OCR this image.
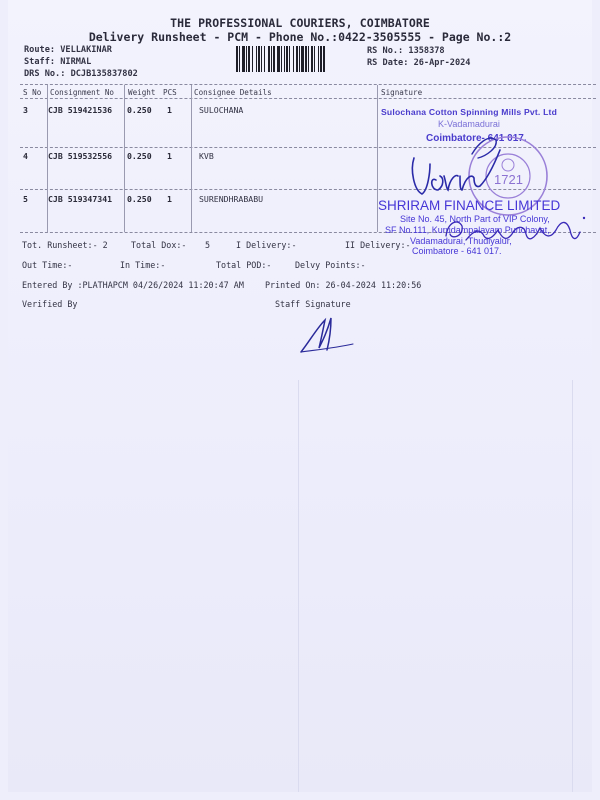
THE PROFESSIONAL COURIERS, COIMBATORE
Delivery Runsheet - PCM - Phone No.:0422-3505555 - Page No.:2
Route: VELLAKINAR
Staff: NIRMAL
DRS No.: DCJB135837802
RS No.: 1358378
RS Date: 26-Apr-2024
S No Consignment No Weight PCS Consignee Details	Signature
3 CJB 519421536 0.250 1	SULOCHANA
4 CJB 519532556 0.250 1	KVB
5 CJB 519347341 0.250 1	SURENDHRABABU
Sulochana Cotton Spinning Mills Pvt. Ltd
K-Vadamadurai
Coimbatore- 641 017.
1721
SHRIRAM FINANCE LIMITED
Site No. 45, North Part of VIP Colony,
SF No.111, Kurudampalayam Punchayat,
Vadamadurai, Thudiyalur,
Coimbatore - 641 017.
Tot. Runsheet:- 2	Total Dox:- 5	I Delivery:-	II Delivery:-
Out Time:-	In Time:-	Total POD:-	Delvy Points:-
Entered By :PLATHAPCM 04/26/2024 11:20:47 AM	Printed On: 26-04-2024 11:20:56
Verified By	Staff Signature
